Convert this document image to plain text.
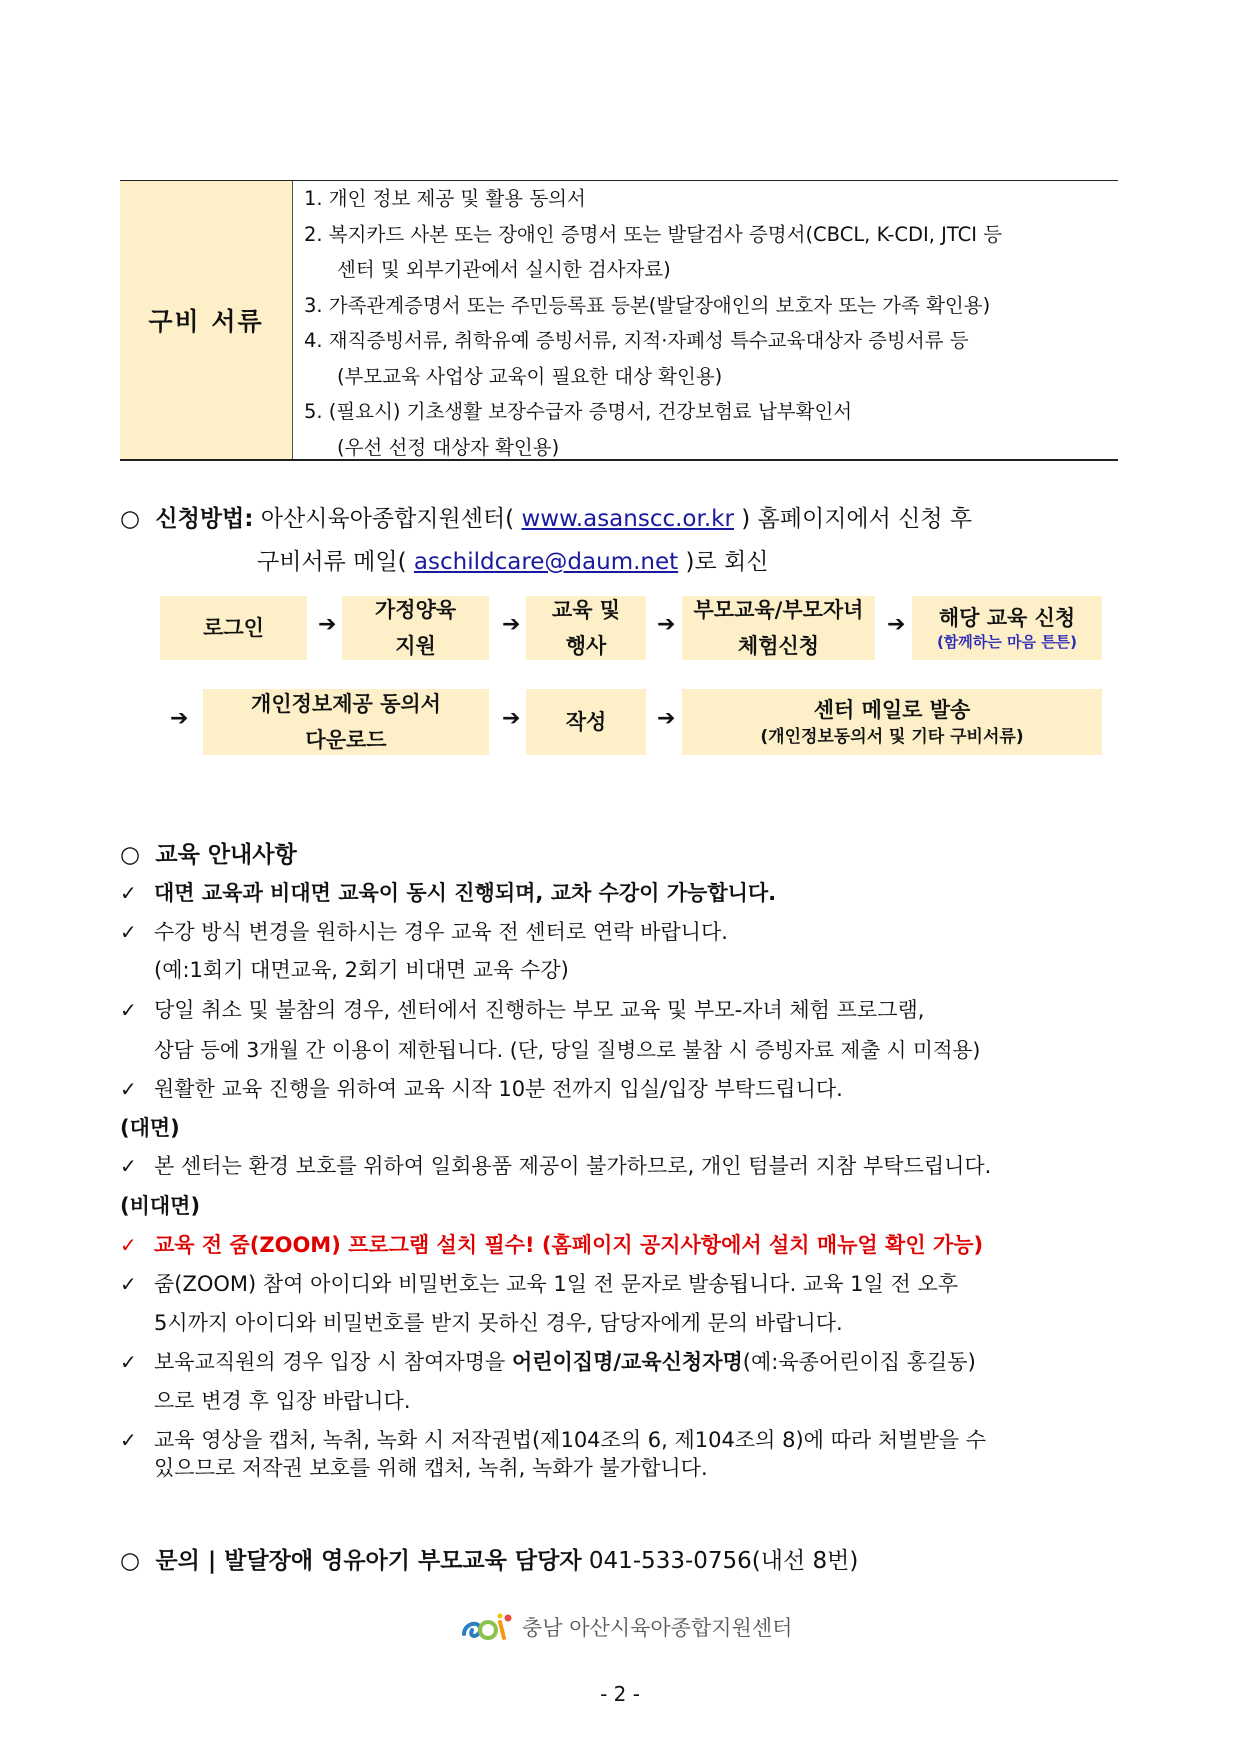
구비 서류
1. 개인 정보 제공 및 활용 동의서
2. 복지카드 사본 또는 장애인 증명서 또는 발달검사 증명서(CBCL, K-CDI, JTCI 등
센터 및 외부기관에서 실시한 검사자료)
3. 가족관계증명서 또는 주민등록표 등본(발달장애인의 보호자 또는 가족 확인용)
4. 재직증빙서류, 취학유예 증빙서류, 지적·자폐성 특수교육대상자 증빙서류 등
(부모교육 사업상 교육이 필요한 대상 확인용)
5. (필요시) 기초생활 보장수급자 증명서, 건강보험료 납부확인서
(우선 선정 대상자 확인용)
○ 신청방법: 아산시육아종합지원센터( www.asanscc.or.kr ) 홈페이지에서 신청 후
구비서류 메일( aschildcare@daum.net )로 회신
로그인 ➔
가정양육
지원
➔
교육 및
행사
➔
부모교육/부모자녀
체험신청
➔ 해당 교육 신청
(함께하는 마음 튼튼)
➔
개인정보제공 동의서
다운로드
➔ 작성 ➔	센터 메일로 발송
(개인정보동의서 및 기타 구비서류)
○ 교육 안내사항
✓ 대면 교육과 비대면 교육이 동시 진행되며, 교차 수강이 가능합니다.
✓ 수강 방식 변경을 원하시는 경우 교육 전 센터로 연락 바랍니다.
(예:1회기 대면교육, 2회기 비대면 교육 수강)
✓ 당일 취소 및 불참의 경우, 센터에서 진행하는 부모 교육 및 부모-자녀 체험 프로그램,
상담 등에 3개월 간 이용이 제한됩니다. (단, 당일 질병으로 불참 시 증빙자료 제출 시 미적용)
✓ 원활한 교육 진행을 위하여 교육 시작 10분 전까지 입실/입장 부탁드립니다.
(대면)
✓ 본 센터는 환경 보호를 위하여 일회용품 제공이 불가하므로, 개인 텀블러 지참 부탁드립니다.
(비대면)
✓ 교육 전 줌(ZOOM) 프로그램 설치 필수! (홈페이지 공지사항에서 설치 매뉴얼 확인 가능)
✓ 줌(ZOOM) 참여 아이디와 비밀번호는 교육 1일 전 문자로 발송됩니다. 교육 1일 전 오후
5시까지 아이디와 비밀번호를 받지 못하신 경우, 담당자에게 문의 바랍니다.
✓ 보육교직원의 경우 입장 시 참여자명을 어린이집명/교육신청자명(예:육종어린이집 홍길동)
으로 변경 후 입장 바랍니다.
✓ 교육 영상을 캡처, 녹취, 녹화 시 저작권법(제104조의 6, 제104조의 8)에 따라 처벌받을 수
있으므로 저작권 보호를 위해 캡처, 녹취, 녹화가 불가합니다.
○ 문의 | 발달장애 영유아기 부모교육 담당자 041-533-0756(내선 8번)
충남 아산시육아종합지원센터
- 2 -
